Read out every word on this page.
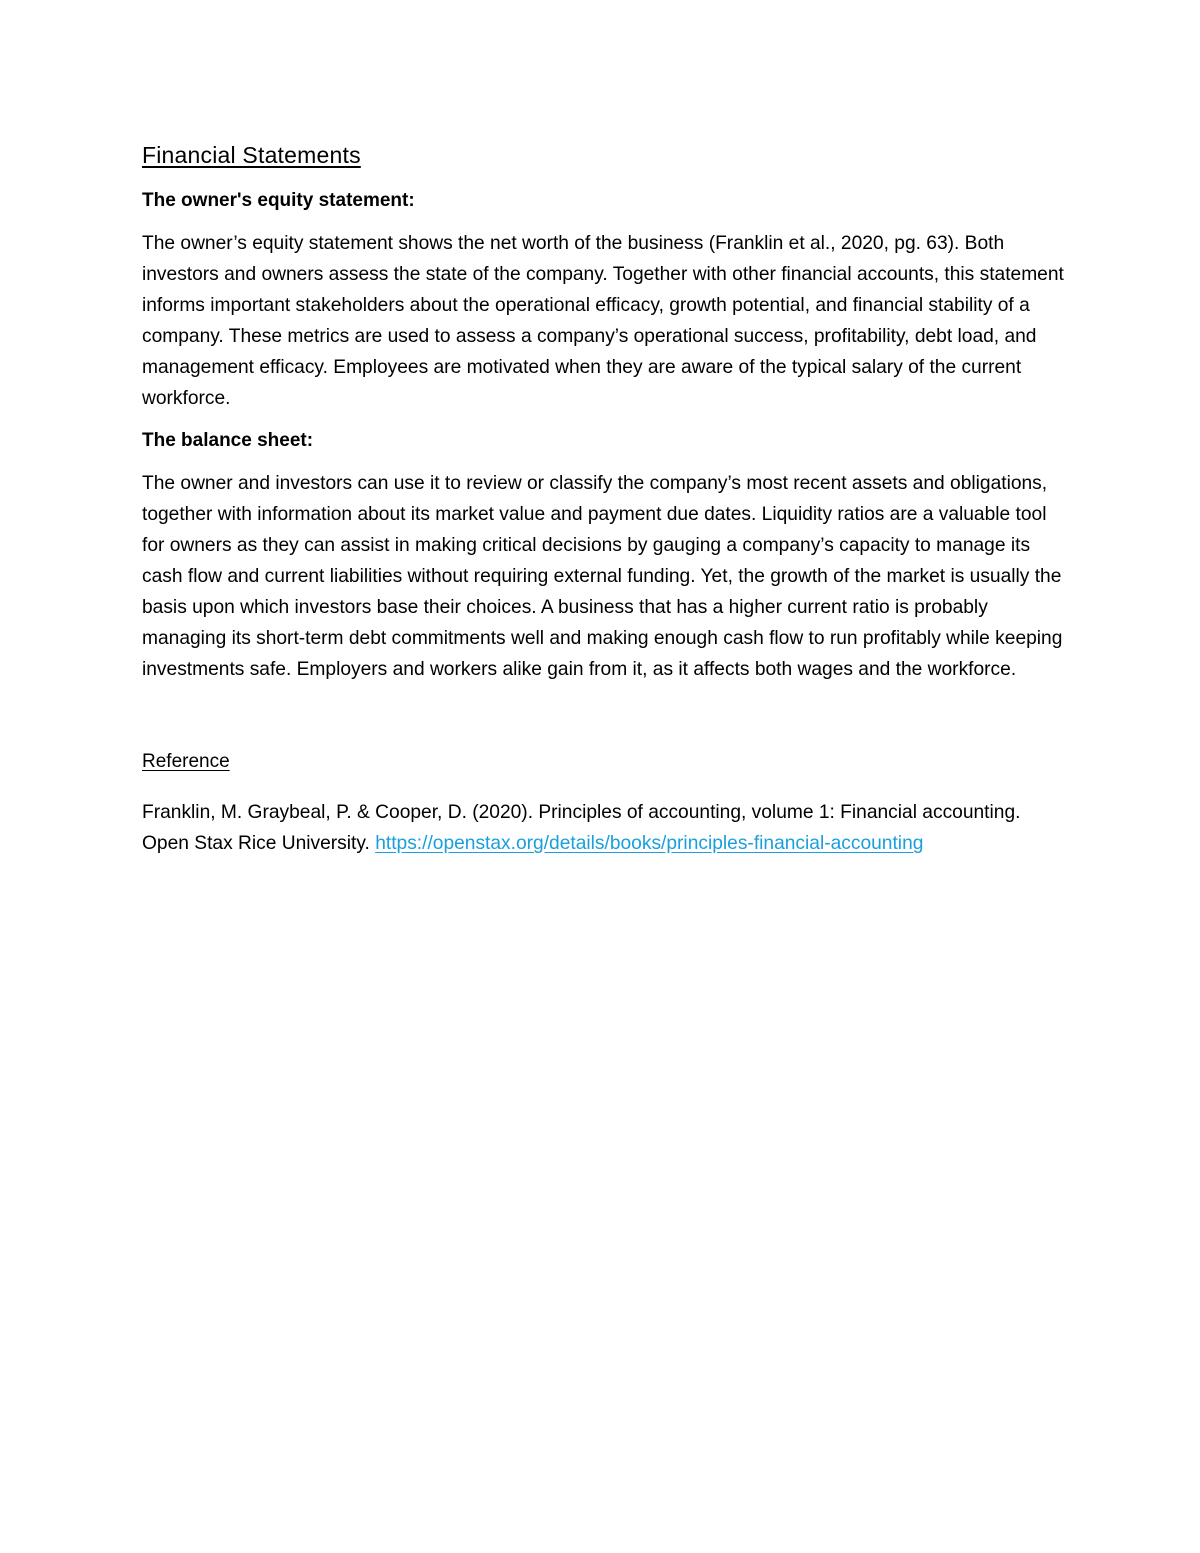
Financial Statements
The owner's equity statement:

The owner’s equity statement shows the net worth of the business (Franklin et al., 2020, pg. 63). Both investors and owners assess the state of the company. Together with other financial accounts, this statement informs important stakeholders about the operational efficacy, growth potential, and financial stability of a company. These metrics are used to assess a company’s operational success, profitability, debt load, and management efficacy. Employees are motivated when they are aware of the typical salary of the current workforce.

The balance sheet:

The owner and investors can use it to review or classify the company’s most recent assets and obligations, together with information about its market value and payment due dates. Liquidity ratios are a valuable tool for owners as they can assist in making critical decisions by gauging a company’s capacity to manage its cash flow and current liabilities without requiring external funding. Yet, the growth of the market is usually the basis upon which investors base their choices. A business that has a higher current ratio is probably managing its short-term debt commitments well and making enough cash flow to run profitably while keeping investments safe. Employers and workers alike gain from it, as it affects both wages and the workforce.

Reference

Franklin, M. Graybeal, P. & Cooper, D. (2020). Principles of accounting, volume 1: Financial accounting. Open Stax Rice University. https://openstax.org/details/books/principles-financial-accounting
